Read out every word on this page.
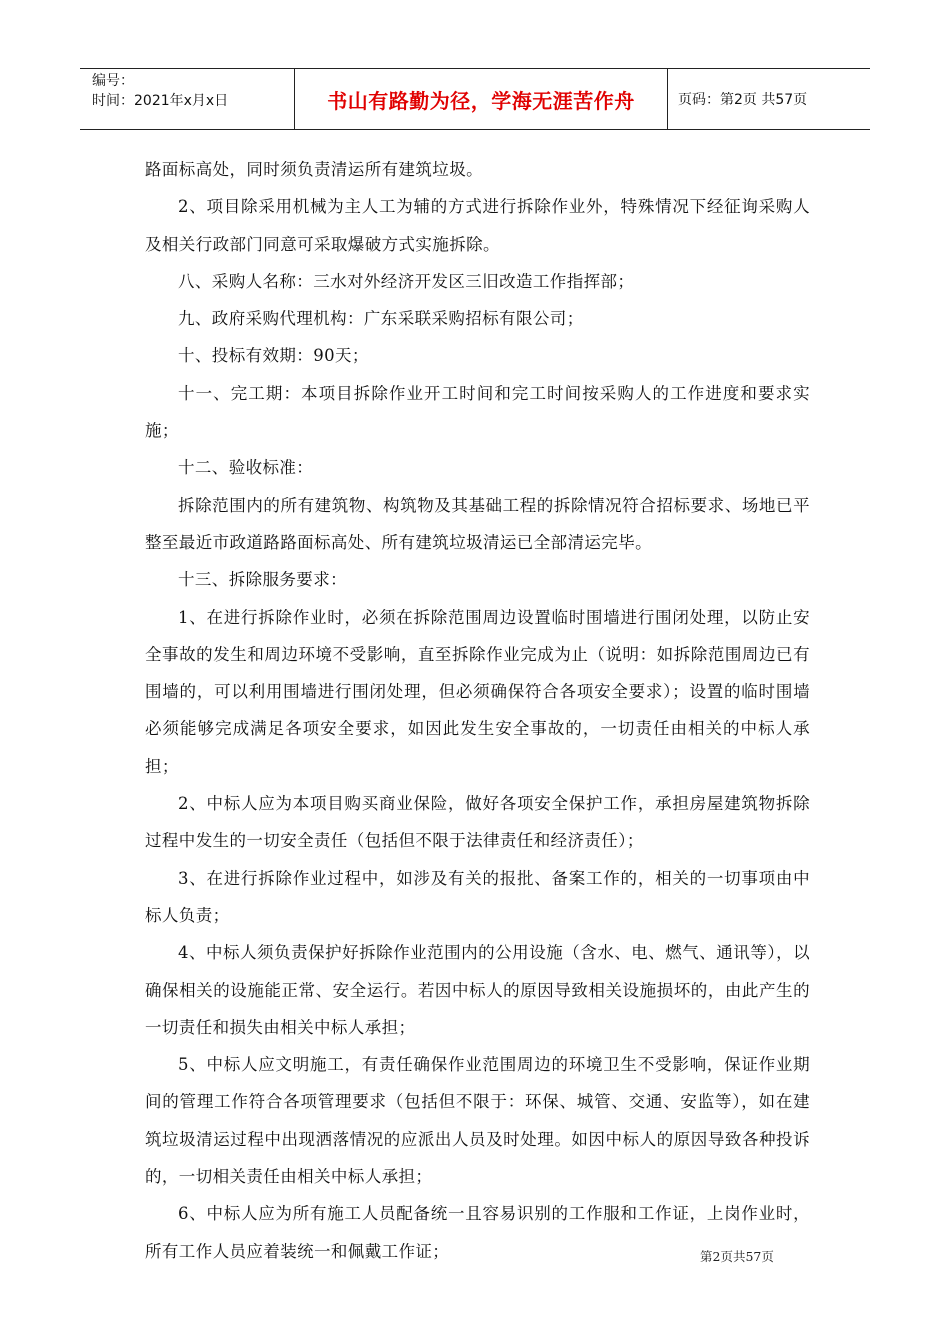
编号：
时间：2021年x月x日	书山有路勤为径，学海无涯苦作舟	页码：第2页 共57页

路面标高处，同时须负责清运所有建筑垃圾。

2、项目除采用机械为主人工为辅的方式进行拆除作业外，特殊情况下经征询采购人及相关行政部门同意可采取爆破方式实施拆除。

八、采购人名称：三水对外经济开发区三旧改造工作指挥部；

九、政府采购代理机构：广东采联采购招标有限公司；

十、投标有效期：90天；

十一、完工期：本项目拆除作业开工时间和完工时间按采购人的工作进度和要求实施；

十二、验收标准：

拆除范围内的所有建筑物、构筑物及其基础工程的拆除情况符合招标要求、场地已平整至最近市政道路路面标高处、所有建筑垃圾清运已全部清运完毕。

十三、拆除服务要求：

1、在进行拆除作业时，必须在拆除范围周边设置临时围墙进行围闭处理，以防止安全事故的发生和周边环境不受影响，直至拆除作业完成为止（说明：如拆除范围周边已有围墙的，可以利用围墙进行围闭处理，但必须确保符合各项安全要求）；设置的临时围墙必须能够完成满足各项安全要求，如因此发生安全事故的，一切责任由相关的中标人承担；

2、中标人应为本项目购买商业保险，做好各项安全保护工作，承担房屋建筑物拆除过程中发生的一切安全责任（包括但不限于法律责任和经济责任）；

3、在进行拆除作业过程中，如涉及有关的报批、备案工作的，相关的一切事项由中标人负责；

4、中标人须负责保护好拆除作业范围内的公用设施（含水、电、燃气、通讯等），以确保相关的设施能正常、安全运行。若因中标人的原因导致相关设施损坏的，由此产生的一切责任和损失由相关中标人承担；

5、中标人应文明施工，有责任确保作业范围周边的环境卫生不受影响，保证作业期间的管理工作符合各项管理要求（包括但不限于：环保、城管、交通、安监等），如在建筑垃圾清运过程中出现洒落情况的应派出人员及时处理。如因中标人的原因导致各种投诉的，一切相关责任由相关中标人承担；

6、中标人应为所有施工人员配备统一且容易识别的工作服和工作证，上岗作业时，所有工作人员应着装统一和佩戴工作证；	第2页共57页
